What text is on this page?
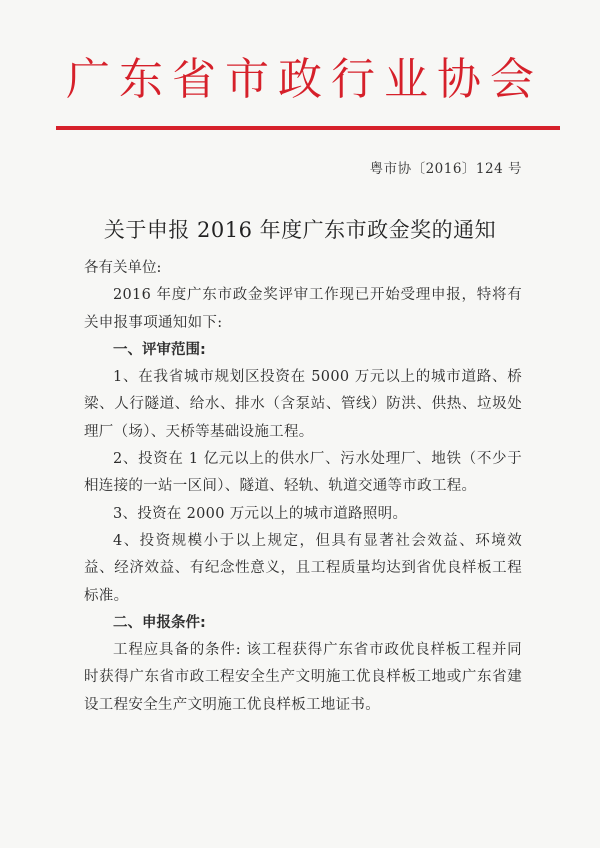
广东省市政行业协会
粤市协〔2016〕124 号
关于申报 2016 年度广东市政金奖的通知

各有关单位:

2016 年度广东市政金奖评审工作现已开始受理申报，特将有关申报事项通知如下:

一、评审范围:

1、在我省城市规划区投资在 5000 万元以上的城市道路、桥梁、人行隧道、给水、排水（含泵站、管线）防洪、供热、垃圾处理厂（场）、天桥等基础设施工程。

2、投资在 1 亿元以上的供水厂、污水处理厂、地铁（不少于相连接的一站一区间）、隧道、轻轨、轨道交通等市政工程。

3、投资在 2000 万元以上的城市道路照明。

4、投资规模小于以上规定，但具有显著社会效益、环境效益、经济效益、有纪念性意义，且工程质量均达到省优良样板工程标准。

二、申报条件:

工程应具备的条件: 该工程获得广东省市政优良样板工程并同时获得广东省市政工程安全生产文明施工优良样板工地或广东省建设工程安全生产文明施工优良样板工地证书。
